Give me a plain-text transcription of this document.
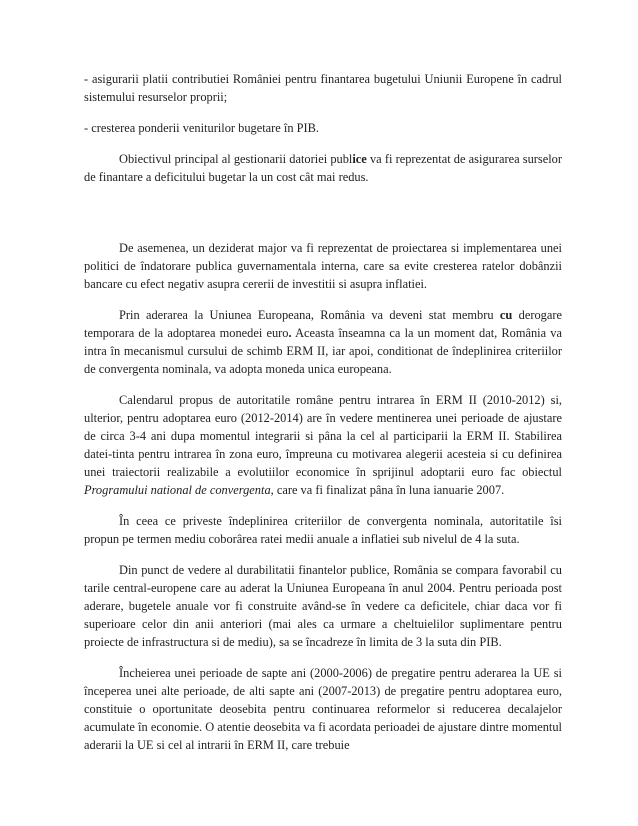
- asigurarii platii contributiei României pentru finantarea bugetului Uniunii Europene în cadrul sistemului resurselor proprii;

- cresterea ponderii veniturilor bugetare în PIB.

Obiectivul principal al gestionarii datoriei publice va fi reprezentat de asigurarea surselor de finantare a deficitului bugetar la un cost cât mai redus.

De asemenea, un deziderat major va fi reprezentat de proiectarea si implementarea unei politici de îndatorare publica guvernamentala interna, care sa evite cresterea ratelor dobânzii bancare cu efect negativ asupra cererii de investitii si asupra inflatiei.

Prin aderarea la Uniunea Europeana, România va deveni stat membru cu derogare temporara de la adoptarea monedei euro. Aceasta înseamna ca la un moment dat, România va intra în mecanismul cursului de schimb ERM II, iar apoi, conditionat de îndeplinirea criteriilor de convergenta nominala, va adopta moneda unica europeana.

Calendarul propus de autoritatile române pentru intrarea în ERM II (2010-2012) si, ulterior, pentru adoptarea euro (2012-2014) are în vedere mentinerea unei perioade de ajustare de circa 3-4 ani dupa momentul integrarii si pâna la cel al participarii la ERM II. Stabilirea datei-tinta pentru intrarea în zona euro, împreuna cu motivarea alegerii acesteia si cu definirea unei traiectorii realizabile a evolutiilor economice în sprijinul adoptarii euro fac obiectul Programului national de convergenta, care va fi finalizat pâna în luna ianuarie 2007.

În ceea ce priveste îndeplinirea criteriilor de convergenta nominala, autoritatile îsi propun pe termen mediu coborârea ratei medii anuale a inflatiei sub nivelul de 4 la suta.

Din punct de vedere al durabilitatii finantelor publice, România se compara favorabil cu tarile central-europene care au aderat la Uniunea Europeana în anul 2004. Pentru perioada post aderare, bugetele anuale vor fi construite având-se în vedere ca deficitele, chiar daca vor fi superioare celor din anii anteriori (mai ales ca urmare a cheltuielilor suplimentare pentru proiecte de infrastructura si de mediu), sa se încadreze în limita de 3 la suta din PIB.

Încheierea unei perioade de sapte ani (2000-2006) de pregatire pentru aderarea la UE si începerea unei alte perioade, de alti sapte ani (2007-2013) de pregatire pentru adoptarea euro, constituie o oportunitate deosebita pentru continuarea reformelor si reducerea decalajelor acumulate în economie. O atentie deosebita va fi acordata perioadei de ajustare dintre momentul aderarii la UE si cel al intrarii în ERM II, care trebuie
